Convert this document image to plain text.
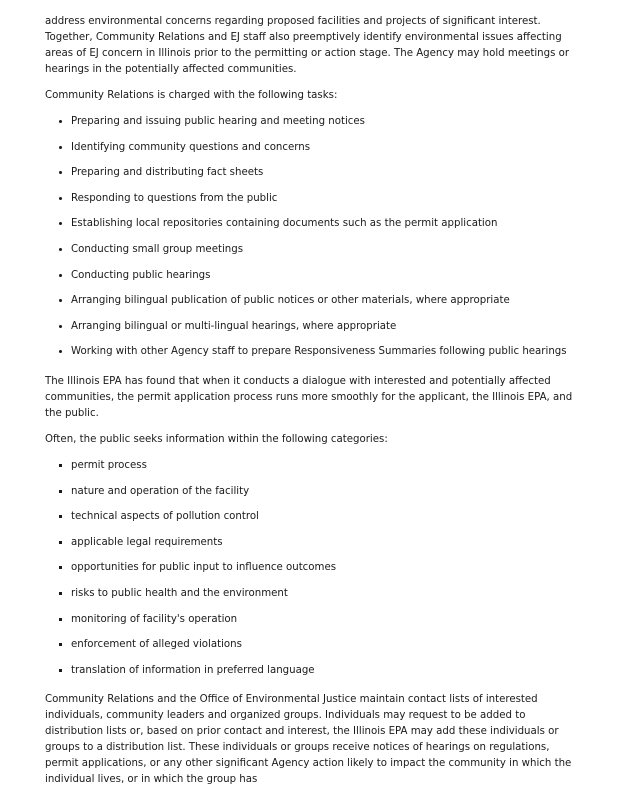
address environmental concerns regarding proposed facilities and projects of significant interest. Together, Community Relations and EJ staff also preemptively identify environmental issues affecting areas of EJ concern in Illinois prior to the permitting or action stage. The Agency may hold meetings or hearings in the potentially affected communities.

Community Relations is charged with the following tasks:

Preparing and issuing public hearing and meeting notices
Identifying community questions and concerns
Preparing and distributing fact sheets
Responding to questions from the public
Establishing local repositories containing documents such as the permit application
Conducting small group meetings
Conducting public hearings
Arranging bilingual publication of public notices or other materials, where appropriate
Arranging bilingual or multi-lingual hearings, where appropriate
Working with other Agency staff to prepare Responsiveness Summaries following public hearings

The Illinois EPA has found that when it conducts a dialogue with interested and potentially affected communities, the permit application process runs more smoothly for the applicant, the Illinois EPA, and the public.

Often, the public seeks information within the following categories:

permit process
nature and operation of the facility
technical aspects of pollution control
applicable legal requirements
opportunities for public input to influence outcomes
risks to public health and the environment
monitoring of facility's operation
enforcement of alleged violations
translation of information in preferred language

Community Relations and the Office of Environmental Justice maintain contact lists of interested individuals, community leaders and organized groups. Individuals may request to be added to distribution lists or, based on prior contact and interest, the Illinois EPA may add these individuals or groups to a distribution list. These individuals or groups receive notices of hearings on regulations, permit applications, or any other significant Agency action likely to impact the community in which the individual lives, or in which the group has
